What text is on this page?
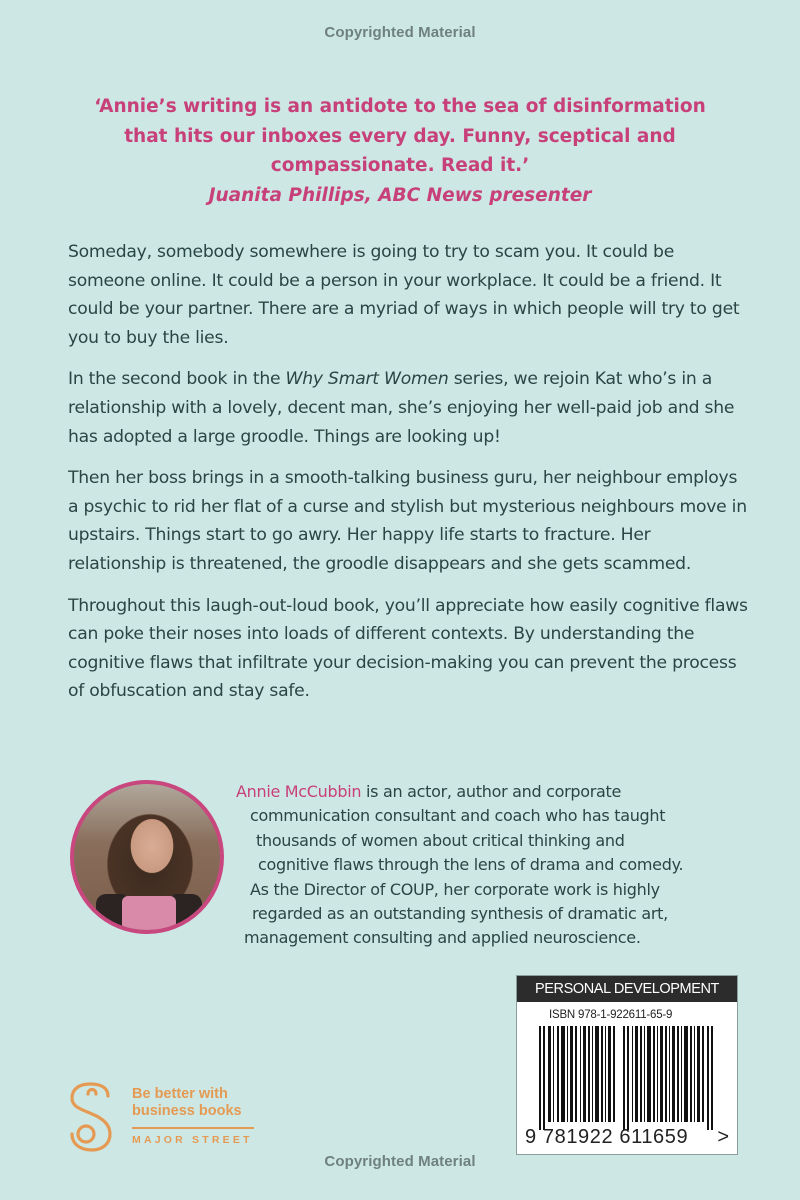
Copyrighted Material
‘Annie’s writing is an antidote to the sea of disinformation
that hits our inboxes every day. Funny, sceptical and
compassionate. Read it.’
Juanita Phillips, ABC News presenter

Someday, somebody somewhere is going to try to scam you. It could be someone online. It could be a person in your workplace. It could be a friend. It could be your partner. There are a myriad of ways in which people will try to get you to buy the lies.

In the second book in the Why Smart Women series, we rejoin Kat who’s in a relationship with a lovely, decent man, she’s enjoying her well-paid job and she has adopted a large groodle. Things are looking up!

Then her boss brings in a smooth-talking business guru, her neighbour employs a psychic to rid her flat of a curse and stylish but mysterious neighbours move in upstairs. Things start to go awry. Her happy life starts to fracture. Her relationship is threatened, the groodle disappears and she gets scammed.

Throughout this laugh-out-loud book, you’ll appreciate how easily cognitive flaws can poke their noses into loads of different contexts. By understanding the cognitive flaws that infiltrate your decision-making you can prevent the process of obfuscation and stay safe.

Annie McCubbin is an actor, author and corporate
communication consultant and coach who has taught
thousands of women about critical thinking and
cognitive flaws through the lens of drama and comedy.
As the Director of COUP, her corporate work is highly
regarded as an outstanding synthesis of dramatic art,
management consulting and applied neuroscience.
Be better with
business books
MAJOR STREET
PERSONAL DEVELOPMENT
ISBN 978-1-922611-65-9
9 781922 611659 >
Copyrighted Material
